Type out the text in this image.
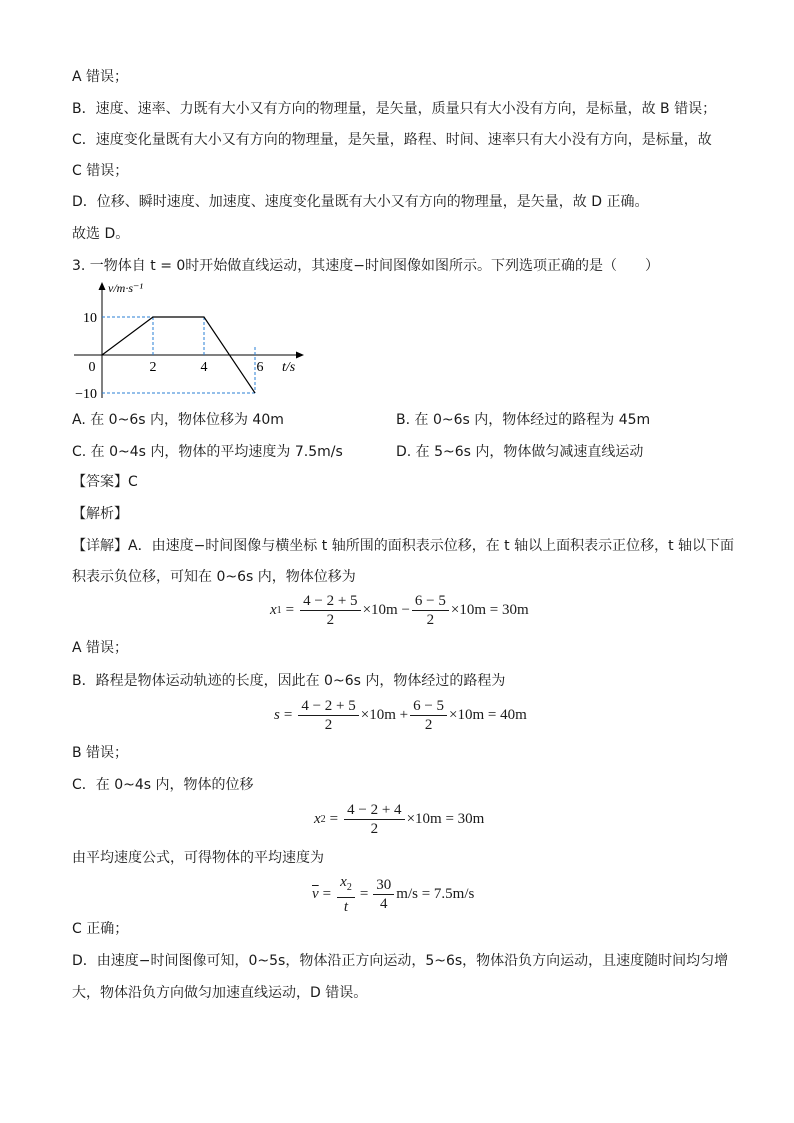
A 错误；
B．速度、速率、力既有大小又有方向的物理量，是矢量，质量只有大小没有方向，是标量，故 B 错误；
C．速度变化量既有大小又有方向的物理量，是矢量，路程、时间、速率只有大小没有方向，是标量，故
C 错误；
D．位移、瞬时速度、加速度、速度变化量既有大小又有方向的物理量，是矢量，故 D 正确。
故选 D。
3. 一物体自 t = 0时开始做直线运动，其速度−时间图像如图所示。下列选项正确的是（　　）
0	2	4	6
10
−10
v/m·s⁻¹
t/s
A. 在 0~6s 内，物体位移为 40m	B. 在 0~6s 内，物体经过的路程为 45m
C. 在 0~4s 内，物体的平均速度为 7.5m/s	D. 在 5~6s 内，物体做匀减速直线运动
【答案】C
【解析】
【详解】A．由速度−时间图像与横坐标 t 轴所围的面积表示位移，在 t 轴以上面积表示正位移，t 轴以下面
积表示负位移，可知在 0~6s 内，物体位移为
x $1 = \frac{4 - 2 + 5}{2} \times 10m - \frac{6 - 5}{2} \times 10m = 30m$
A 错误；
B．路程是物体运动轨迹的长度，因此在 0~6s 内，物体经过的路程为
$s = \frac{4 - 2 + 5}{2} \times 10m + \frac{6 - 5}{2} \times 10m = 40m$
B 错误；
C．在 0~4s 内，物体的位移
x $2 = \frac{4 - 2 + 4}{2} \times 10m = 30m$
由平均速度公式，可得物体的平均速度为
$\overline{v} = \frac{x_2}{t} = \frac{30}{4} m/s = 7.5m/s$
C 正确；
D．由速度−时间图像可知，0~5s，物体沿正方向运动，5~6s，物体沿负方向运动，且速度随时间均匀增
大，物体沿负方向做匀加速直线运动，D 错误。
